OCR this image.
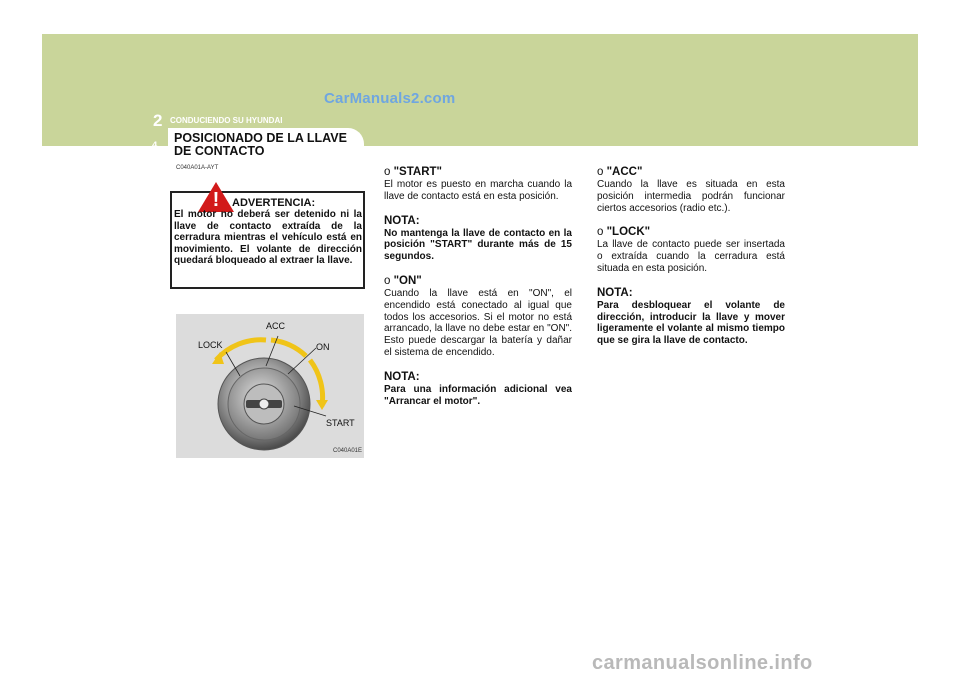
CarManuals2.com
2 CONDUCIENDO SU HYUNDAI
POSICIONADO DE LA LLAVE DE CONTACTO
4
C040A01A-AYT
!	ADVERTENCIA:
El motor no deberá ser detenido ni la llave de contacto extraída de la cerradura mientras el vehículo está en movimiento. El volante de dirección quedará bloqueado al extraer la llave.
LOCK
ACC
ON
START
C040A01E
o "START"

El motor es puesto en marcha cuando la llave de contacto está en esta posición.

NOTA:

No mantenga la llave de contacto en la posición "START" durante más de 15 segundos.

o "ON"

Cuando la llave está en "ON", el encendido está conectado al igual que todos los accesorios. Si el motor no está arrancado, la llave no debe estar en "ON". Esto puede descargar la batería y dañar el sistema de encendido.

NOTA:

Para una información adicional vea "Arrancar el motor".

o "ACC"

Cuando la llave es situada en esta posición intermedia podrán funcionar ciertos accesorios (radio etc.).

o "LOCK"

La llave de contacto puede ser insertada o extraída cuando la cerradura está situada en esta posición.

NOTA:

Para desbloquear el volante de dirección, introducir la llave y mover ligeramente el volante al mismo tiempo que se gira la llave de contacto.

carmanualsonline.info
